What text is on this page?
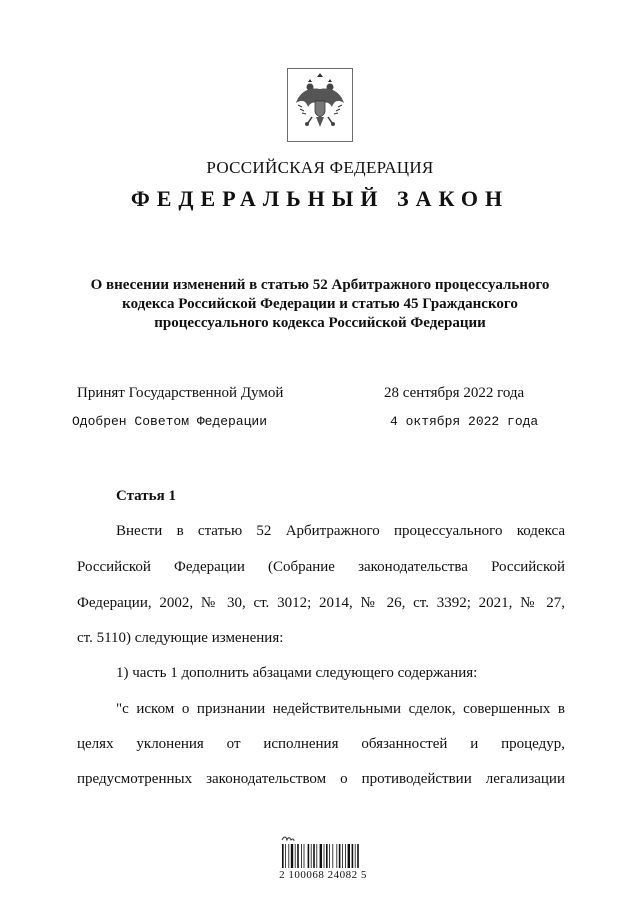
РОССИЙСКАЯ ФЕДЕРАЦИЯ
ФЕДЕРАЛЬНЫЙ ЗАКОН
О внесении изменений в статью 52 Арбитражного процессуального
кодекса Российской Федерации и статью 45 Гражданского
процессуального кодекса Российской Федерации
Принят Государственной Думой	28 сентября 2022 года
Одобрен Советом Федерации	4 октября 2022 года
Статья 1
Внести в статью 52 Арбитражного процессуального кодекса
Российской Федерации (Собрание законодательства Российской
Федерации, 2002, № 30, ст. 3012; 2014, № 26, ст. 3392; 2021, № 27,
ст. 5110) следующие изменения:
1) часть 1 дополнить абзацами следующего содержания:
"с иском о признании недействительными сделок, совершенных в
целях уклонения от исполнения обязанностей и процедур,
предусмотренных законодательством о противодействии легализации
2 100068 24082 5
